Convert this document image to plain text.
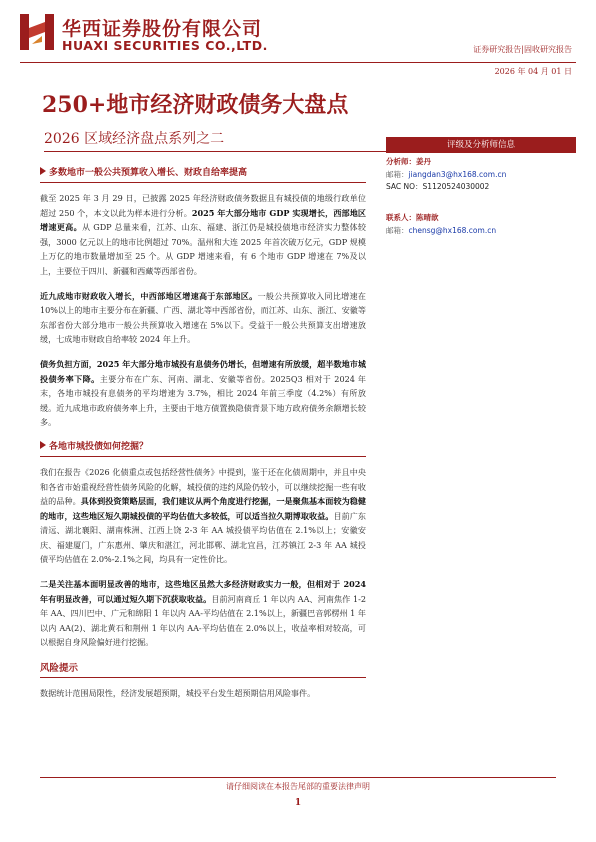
华西证券股份有限公司
HUAXI SECURITIES CO.,LTD.	证券研究报告|固收研究报告
2026 年 04 月 01 日
250+地市经济财政债务大盘点
2026 区域经济盘点系列之二	评级及分析师信息
分析师：姜丹
邮箱：jiangdan3@hx168.com.cn
SAC NO：S1120524030002
联系人：陈晴歆
邮箱：chensg@hx168.com.cn
多数地市一般公共预算收入增长、财政自给率提高

截至 2025 年 3 月 29 日，已披露 2025 年经济财政债务数据且有城投债的地级行政单位超过 250 个，本文以此为样本进行分析。2025 年大部分地市 GDP 实现增长，西部地区增速更高。从 GDP 总量来看，江苏、山东、福建、浙江仍是城投债地市经济实力整体较强，3000 亿元以上的地市比例超过 70%。温州和大连 2025 年首次破万亿元，GDP 规模上万亿的地市数量增加至 25 个。从 GDP 增速来看，有 6 个地市 GDP 增速在 7%及以上，主要位于四川、新疆和西藏等西部省份。

近九成地市财政收入增长，中西部地区增速高于东部地区。一般公共预算收入同比增速在 10%以上的地市主要分布在新疆、广西、湖北等中西部省份，而江苏、山东、浙江、安徽等东部省份大部分地市一般公共预算收入增速在 5%以下。受益于一般公共预算支出增速放缓，七成地市财政自给率较 2024 年上升。

债务负担方面，2025 年大部分地市城投有息债务仍增长，但增速有所放缓，超半数地市城投债务率下降。主要分布在广东、河南、湖北、安徽等省份。2025Q3 相对于 2024 年末，各地市城投有息债务的平均增速为 3.7%，相比 2024 年前三季度（4.2%）有所放缓。近九成地市政府债务率上升，主要由于地方债置换隐债背景下地方政府债务余额增长较多。

各地市城投债如何挖掘？

我们在报告《2026 化债重点或包括经营性债务》中提到，鉴于还在化债周期中，并且中央和各省市始重视经营性债务风险的化解，城投债的违约风险仍较小，可以继续挖掘一些有收益的品种。具体到投资策略层面，我们建议从两个角度进行挖掘，一是聚焦基本面较为稳健的地市，这些地区短久期城投债的平均估值大多较低，可以适当拉久期博取收益。目前广东清远、湖北襄阳、湖南株洲、江西上饶 2-3 年 AA 城投债平均估值在 2.1%以上；安徽安庆、福建厦门，广东惠州、肇庆和湛江，河北邯郸、湖北宜昌，江苏镇江 2-3 年 AA 城投债平均估值在 2.0%-2.1%之间，均具有一定性价比。

二是关注基本面明显改善的地市，这些地区虽然大多经济财政实力一般，但相对于 2024 年有明显改善，可以通过短久期下沉获取收益。目前河南商丘 1 年以内 AA、河南焦作 1-2 年 AA、四川巴中、广元和绵阳 1 年以内 AA-平均估值在 2.1%以上，新疆巴音郭楞州 1 年以内 AA(2)、湖北黄石和荆州 1 年以内 AA-平均估值在 2.0%以上，收益率相对较高，可以根据自身风险偏好进行挖掘。

风险提示

数据统计范围局限性，经济发展超预期，城投平台发生超预期信用风险事件。

请仔细阅读在本报告尾部的重要法律声明
1
